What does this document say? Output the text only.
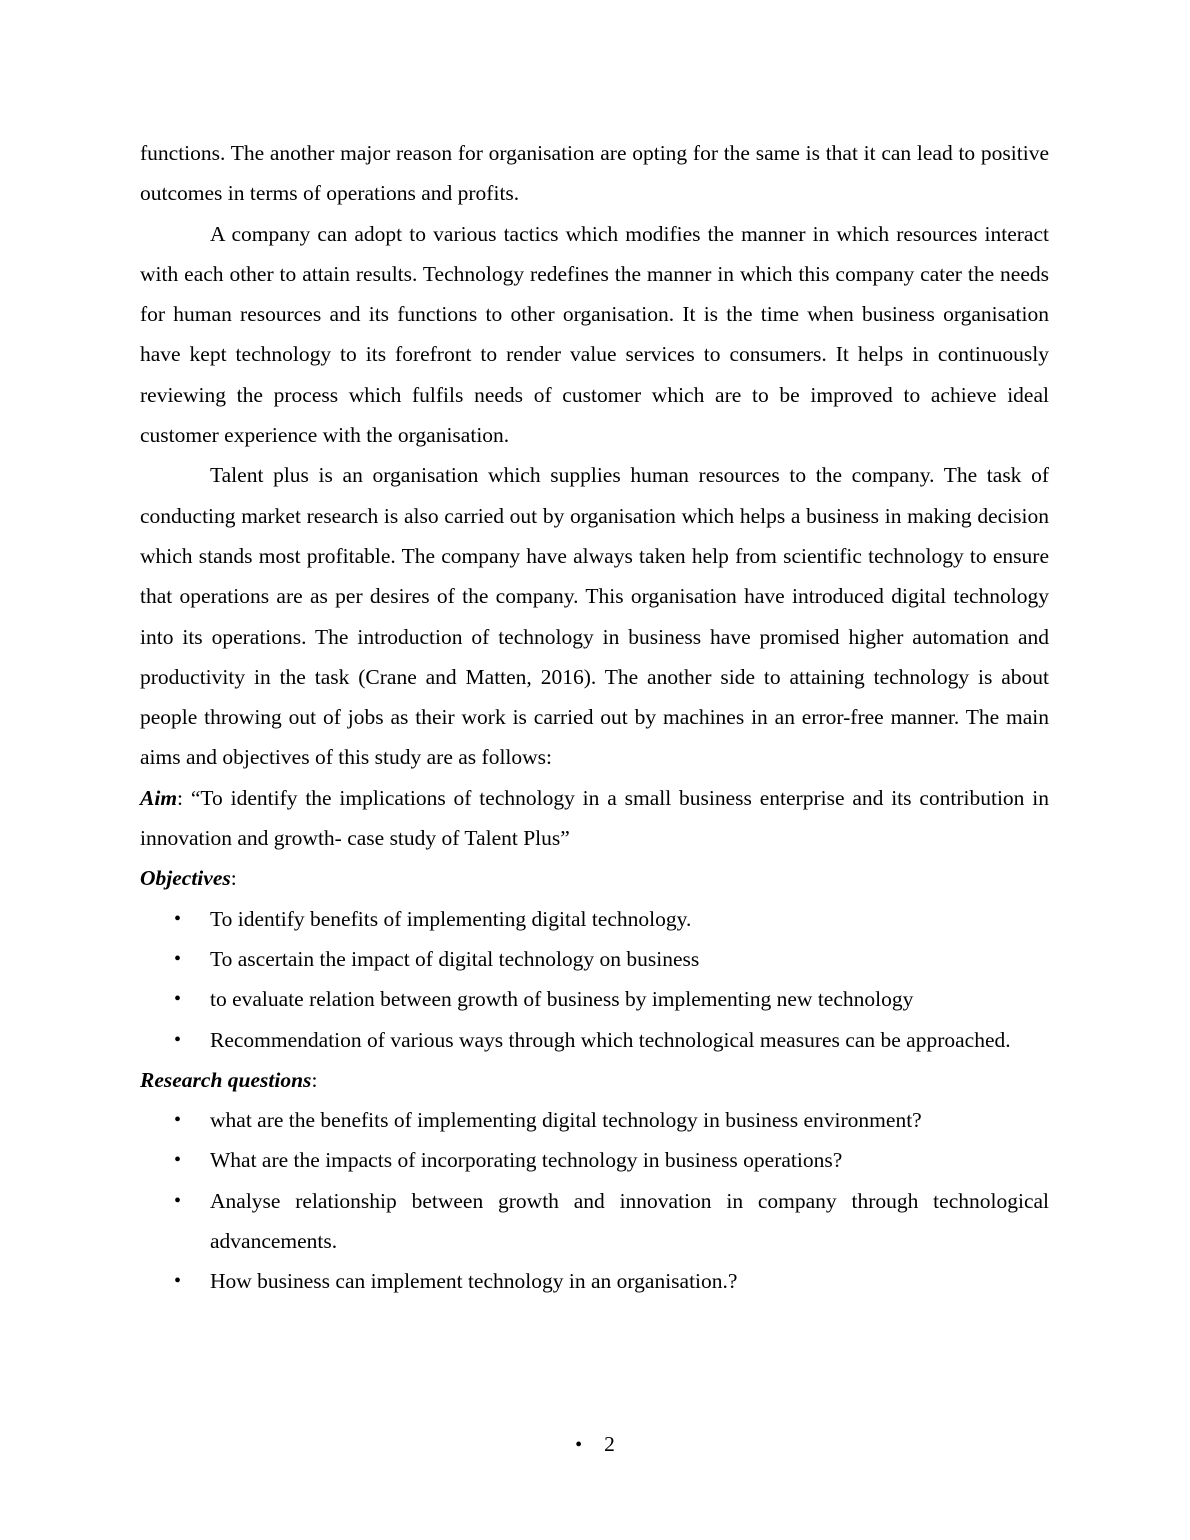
functions. The another major reason for organisation are opting for the same is that it can lead to positive outcomes in terms of operations and profits.

A company can adopt to various tactics which modifies the manner in which resources interact with each other to attain results. Technology redefines the manner in which this company cater the needs for human resources and its functions to other organisation. It is the time when business organisation have kept technology to its forefront to render value services to consumers. It helps in continuously reviewing the process which fulfils needs of customer which are to be improved to achieve ideal customer experience with the organisation.

Talent plus is an organisation which supplies human resources to the company. The task of conducting market research is also carried out by organisation which helps a business in making decision which stands most profitable. The company have always taken help from scientific technology to ensure that operations are as per desires of the company. This organisation have introduced digital technology into its operations. The introduction of technology in business have promised higher automation and productivity in the task (Crane and Matten, 2016). The another side to attaining technology is about people throwing out of jobs as their work is carried out by machines in an error-free manner. The main aims and objectives of this study are as follows:

Aim: “To identify the implications of technology in a small business enterprise and its contribution in innovation and growth- case study of Talent Plus”

Objectives:

• To identify benefits of implementing digital technology.
• To ascertain the impact of digital technology on business
• to evaluate relation between growth of business by implementing new technology
• Recommendation of various ways through which technological measures can be approached.

Research questions:

• what are the benefits of implementing digital technology in business environment?
• What are the impacts of incorporating technology in business operations?
• Analyse relationship between growth and innovation in company through technological advancements.
• How business can implement technology in an organisation.?
• 2
